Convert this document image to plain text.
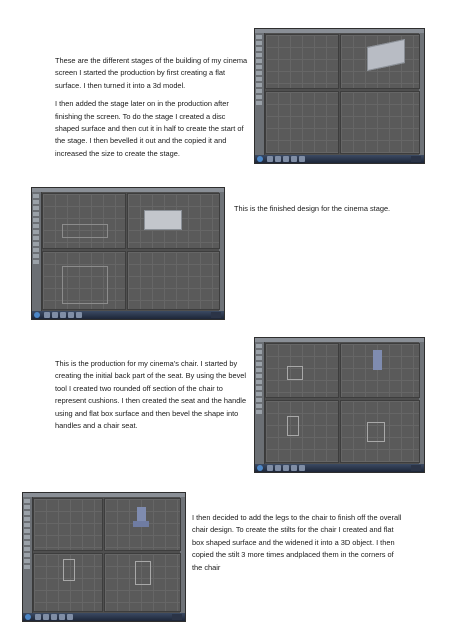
These are the different stages of the building of my cinema screen I started the production by first creating a flat surface. I then turned it into a 3d model.

I then added the stage later on in the production after finishing the screen. To do the stage I created a disc shaped surface and then cut it in half to create the start of the stage. I then bevelled it out and the copied it and increased the size to create the stage.

This is the finished design for the cinema stage.

This is the production for my cinema’s chair. I started by creating the initial back part of the seat. By using the bevel tool I created two rounded off section of the chair to represent cushions. I then created the seat and the handle using and flat box surface and then bevel the shape into handles and a chair seat.

I then decided to add the legs to the chair to finish off the overall chair design. To create the stilts for the chair I created and flat box shaped surface and the widened it into a 3D object. I then copied the stilt 3 more times andplaced them in the corners of the chair
